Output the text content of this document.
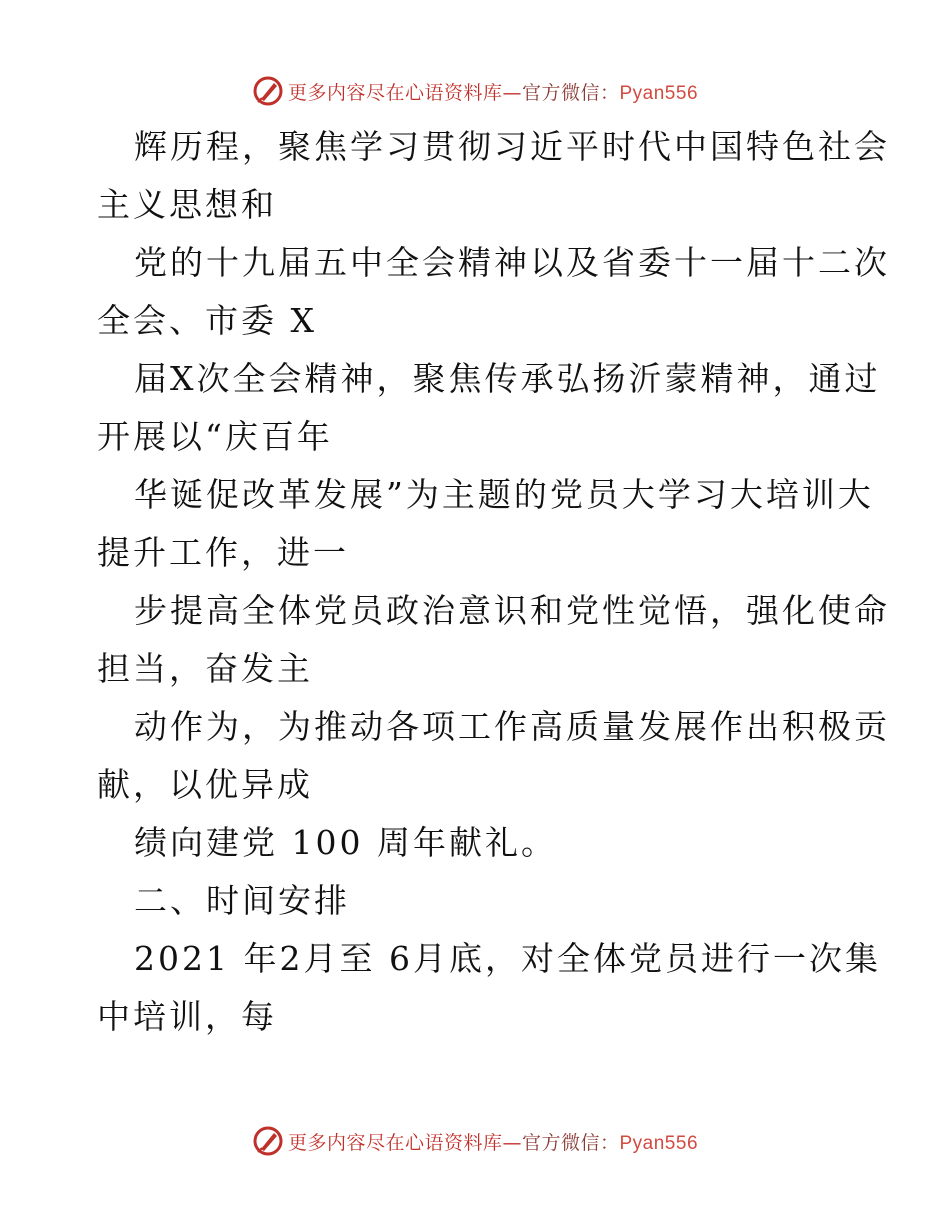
更多内容尽在心语资料库—官方微信：Pyan556
辉历程，聚焦学习贯彻习近平时代中国特色社会
主义思想和
党的十九届五中全会精神以及省委十一届十二次
全会、市委 X
届X次全会精神，聚焦传承弘扬沂蒙精神，通过
开展以“庆百年
华诞促改革发展”为主题的党员大学习大培训大
提升工作，进一
步提高全体党员政治意识和党性觉悟，强化使命
担当，奋发主
动作为，为推动各项工作高质量发展作出积极贡
献，以优异成
绩向建党 100 周年献礼。
二、时间安排
2021 年2月至 6月底，对全体党员进行一次集
中培训，每
更多内容尽在心语资料库—官方微信：Pyan556
